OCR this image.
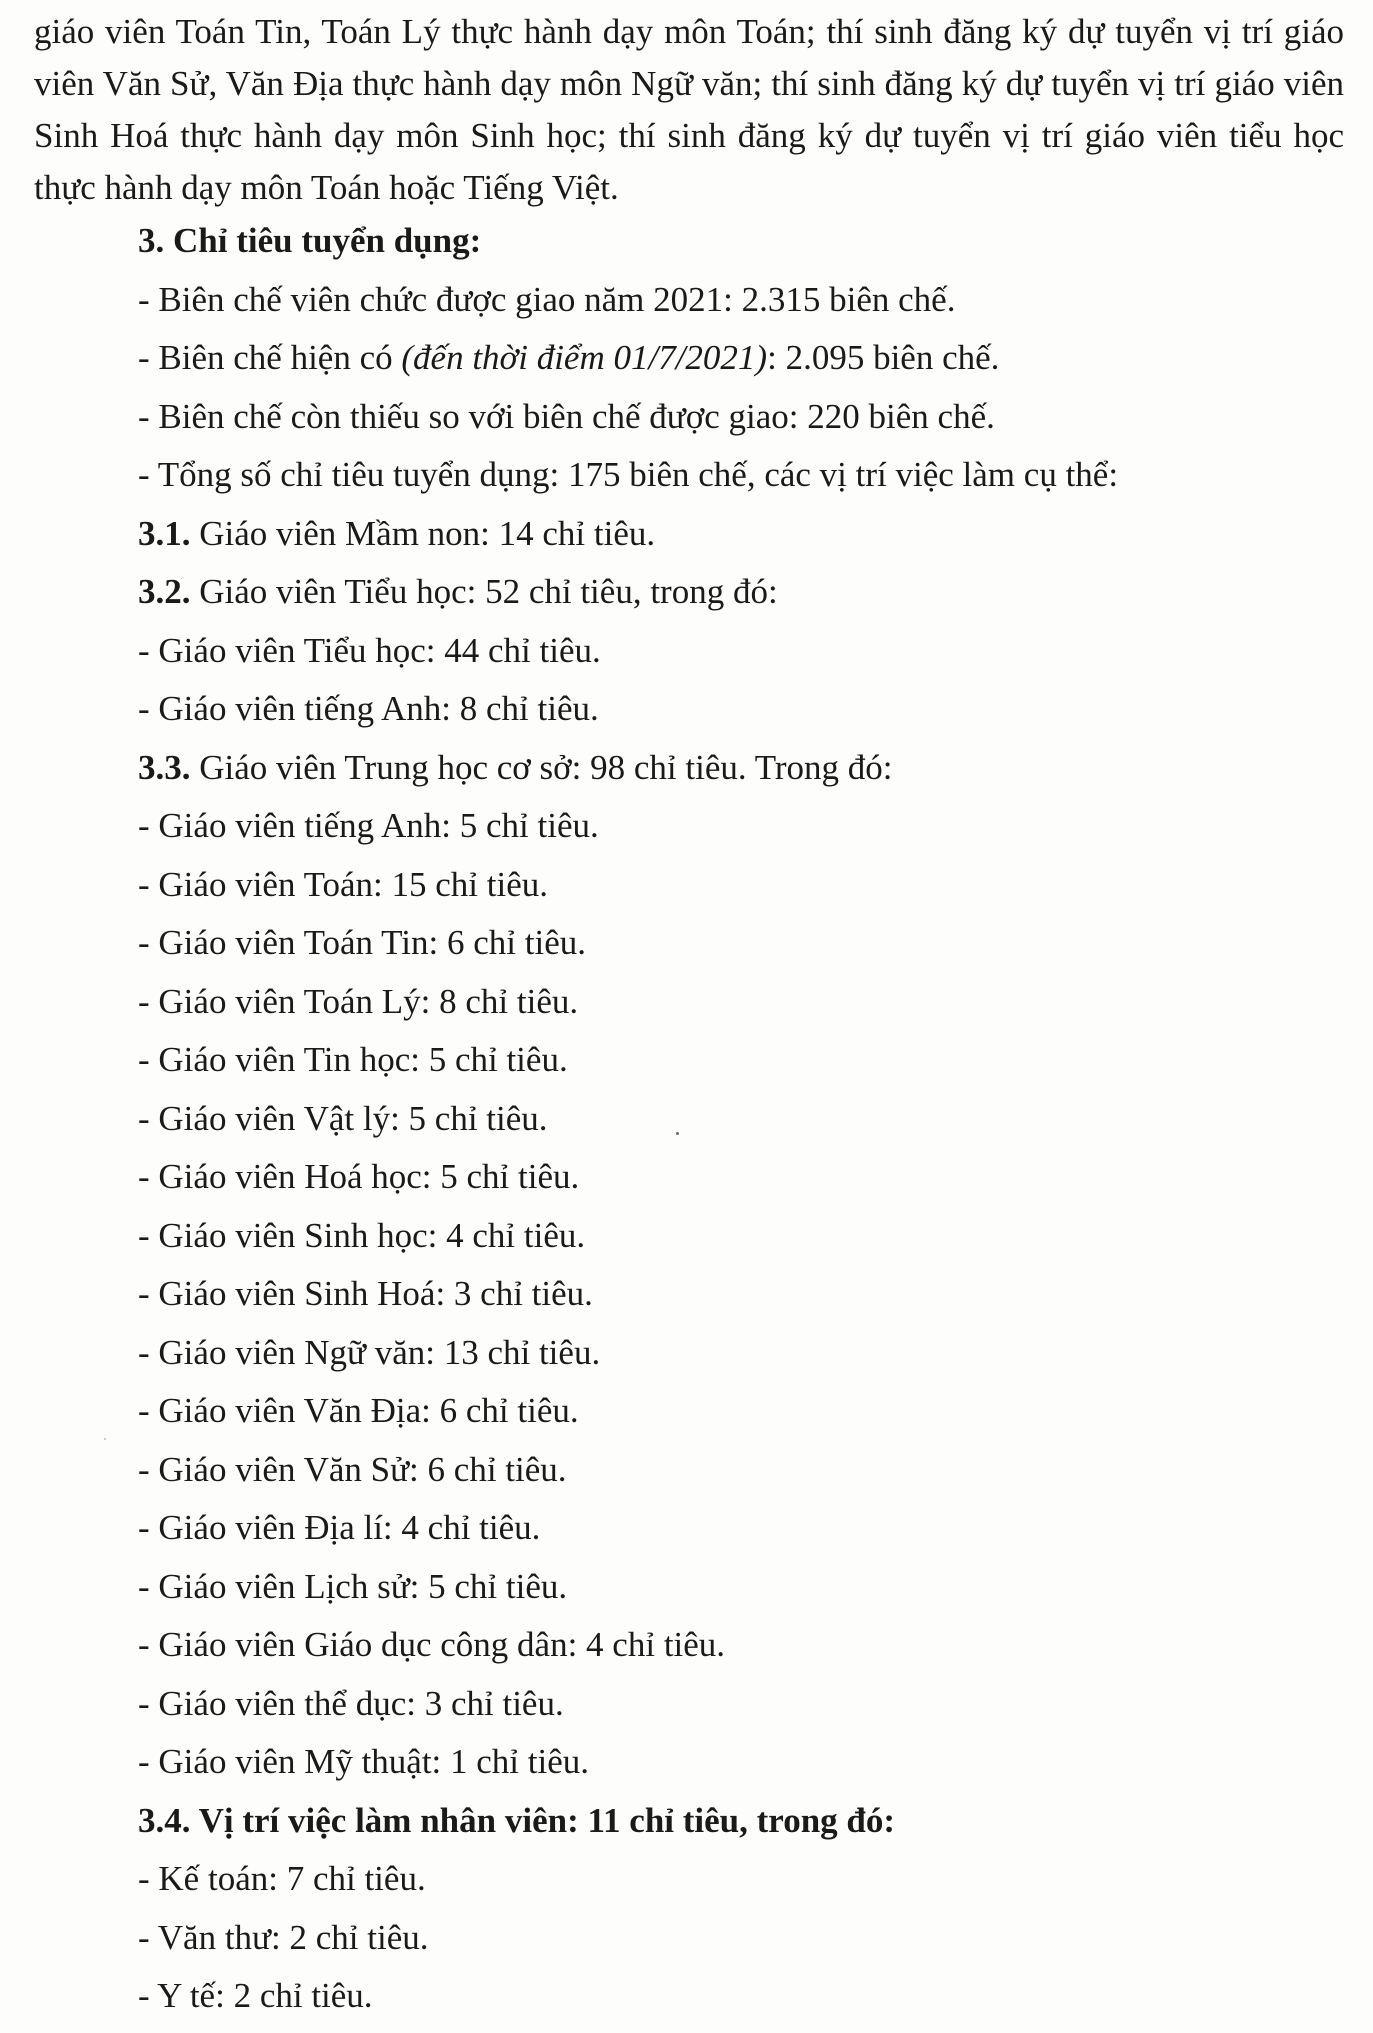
giáo viên Toán Tin, Toán Lý thực hành dạy môn Toán; thí sinh đăng ký dự tuyển vị trí giáo viên Văn Sử, Văn Địa thực hành dạy môn Ngữ văn; thí sinh đăng ký dự tuyển vị trí giáo viên Sinh Hoá thực hành dạy môn Sinh học; thí sinh đăng ký dự tuyển vị trí giáo viên tiểu học thực hành dạy môn Toán hoặc Tiếng Việt.

3. Chỉ tiêu tuyển dụng:
- Biên chế viên chức được giao năm 2021: 2.315 biên chế.
- Biên chế hiện có (đến thời điểm 01/7/2021): 2.095 biên chế.
- Biên chế còn thiếu so với biên chế được giao: 220 biên chế.
- Tổng số chỉ tiêu tuyển dụng: 175 biên chế, các vị trí việc làm cụ thể:
3.1. Giáo viên Mầm non: 14 chỉ tiêu.
3.2. Giáo viên Tiểu học: 52 chỉ tiêu, trong đó:
- Giáo viên Tiểu học: 44 chỉ tiêu.
- Giáo viên tiếng Anh: 8 chỉ tiêu.
3.3. Giáo viên Trung học cơ sở: 98 chỉ tiêu. Trong đó:
- Giáo viên tiếng Anh: 5 chỉ tiêu.
- Giáo viên Toán: 15 chỉ tiêu.
- Giáo viên Toán Tin: 6 chỉ tiêu.
- Giáo viên Toán Lý: 8 chỉ tiêu.
- Giáo viên Tin học: 5 chỉ tiêu.
- Giáo viên Vật lý: 5 chỉ tiêu.
- Giáo viên Hoá học: 5 chỉ tiêu.
- Giáo viên Sinh học: 4 chỉ tiêu.
- Giáo viên Sinh Hoá: 3 chỉ tiêu.
- Giáo viên Ngữ văn: 13 chỉ tiêu.
- Giáo viên Văn Địa: 6 chỉ tiêu.
- Giáo viên Văn Sử: 6 chỉ tiêu.
- Giáo viên Địa lí: 4 chỉ tiêu.
- Giáo viên Lịch sử: 5 chỉ tiêu.
- Giáo viên Giáo dục công dân: 4 chỉ tiêu.
- Giáo viên thể dục: 3 chỉ tiêu.
- Giáo viên Mỹ thuật: 1 chỉ tiêu.
3.4. Vị trí việc làm nhân viên: 11 chỉ tiêu, trong đó:
- Kế toán: 7 chỉ tiêu.
- Văn thư: 2 chỉ tiêu.
- Y tế: 2 chỉ tiêu.
